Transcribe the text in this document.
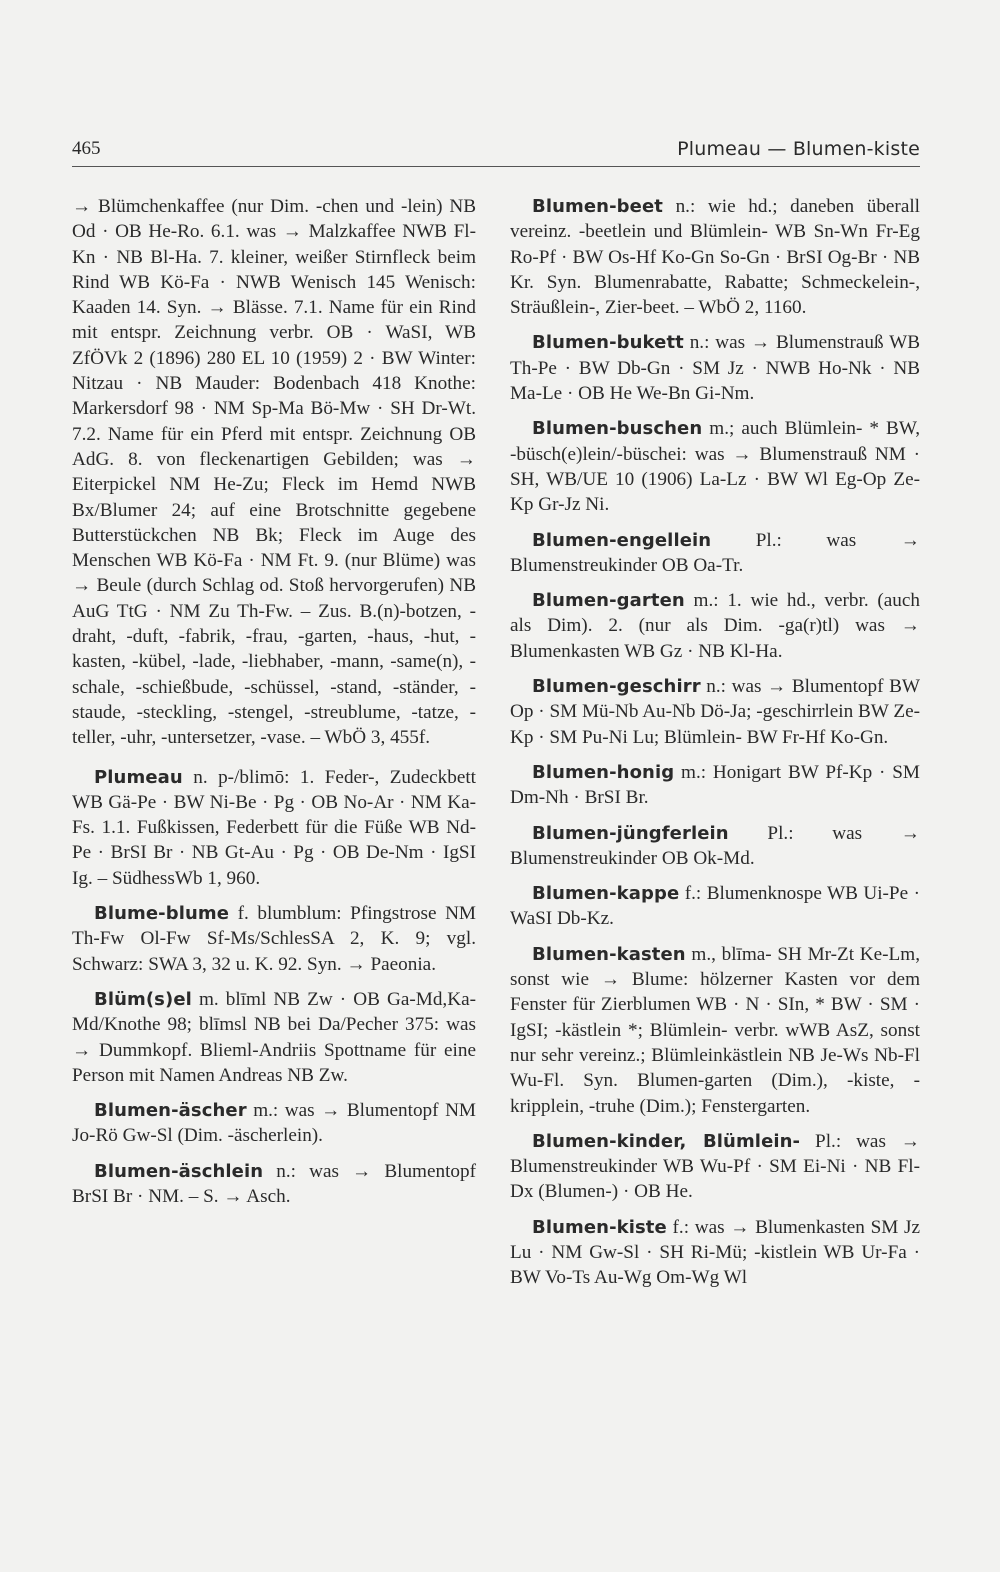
465	Plumeau — Blumen-kiste

→ Blümchenkaffee (nur Dim. -chen und -lein) NB Od · OB He-Ro. 6.1. was → Malzkaffee NWB Fl-Kn · NB Bl-Ha. 7. kleiner, weißer Stirnfleck beim Rind WB Kö-Fa · NWB Wenisch 145 Wenisch: Kaaden 14. Syn. → Blässe. 7.1. Name für ein Rind mit entspr. Zeichnung verbr. OB · WaSI, WB ZfÖVk 2 (1896) 280 EL 10 (1959) 2 · BW Winter: Nitzau · NB Mauder: Bodenbach 418 Knothe: Markersdorf 98 · NM Sp-Ma Bö-Mw · SH Dr-Wt. 7.2. Name für ein Pferd mit entspr. Zeichnung OB AdG. 8. von fleckenartigen Gebilden; was → Eiterpickel NM He-Zu; Fleck im Hemd NWB Bx/Blumer 24; auf eine Brotschnitte gegebene Butterstückchen NB Bk; Fleck im Auge des Menschen WB Kö-Fa · NM Ft. 9. (nur Blüme) was → Beule (durch Schlag od. Stoß hervorgerufen) NB AuG TtG · NM Zu Th-Fw. – Zus. B.(n)-botzen, -draht, -duft, -fabrik, -frau, -garten, -haus, -hut, -kasten, -kübel, -lade, -liebhaber, -mann, -same(n), -schale, -schießbude, -schüssel, -stand, -ständer, -staude, -steckling, -stengel, -streublume, -tatze, -teller, -uhr, -untersetzer, -vase. – WbÖ 3, 455f.

Plumeau n. p-/blimō: 1. Feder-, Zudeckbett WB Gä-Pe · BW Ni-Be · Pg · OB No-Ar · NM Ka-Fs. 1.1. Fußkissen, Federbett für die Füße WB Nd-Pe · BrSI Br · NB Gt-Au · Pg · OB De-Nm · IgSI Ig. – SüdhessWb 1, 960.

Blume-blume f. blumblum: Pfingstrose NM Th-Fw Ol-Fw Sf-Ms/SchlesSA 2, K. 9; vgl. Schwarz: SWA 3, 32 u. K. 92. Syn. → Paeonia.

Blüm(s)el m. blīml NB Zw · OB Ga-Md,Ka-Md/Knothe 98; blīmsl NB bei Da/Pecher 375: was → Dummkopf. Blieml-Andriis Spottname für eine Person mit Namen Andreas NB Zw.

Blumen-äscher m.: was → Blumentopf NM Jo-Rö Gw-Sl (Dim. -äscherlein).

Blumen-äschlein n.: was → Blumentopf BrSI Br · NM. – S. → Asch.

Blumen-beet n.: wie hd.; daneben überall vereinz. -beetlein und Blümlein- WB Sn-Wn Fr-Eg Ro-Pf · BW Os-Hf Ko-Gn So-Gn · BrSI Og-Br · NB Kr. Syn. Blumenrabatte, Rabatte; Schmeckelein-, Sträußlein-, Zier-beet. – WbÖ 2, 1160.

Blumen-bukett n.: was → Blumenstrauß WB Th-Pe · BW Db-Gn · SM Jz · NWB Ho-Nk · NB Ma-Le · OB He We-Bn Gi-Nm.

Blumen-buschen m.; auch Blümlein- * BW, -büsch(e)lein/-büschei: was → Blumenstrauß NM · SH, WB/UE 10 (1906) La-Lz · BW Wl Eg-Op Ze-Kp Gr-Jz Ni.

Blumen-engellein Pl.: was → Blumenstreukinder OB Oa-Tr.

Blumen-garten m.: 1. wie hd., verbr. (auch als Dim). 2. (nur als Dim. -ga(r)tl) was → Blumenkasten WB Gz · NB Kl-Ha.

Blumen-geschirr n.: was → Blumentopf BW Op · SM Mü-Nb Au-Nb Dö-Ja; -geschirrlein BW Ze-Kp · SM Pu-Ni Lu; Blümlein- BW Fr-Hf Ko-Gn.

Blumen-honig m.: Honigart BW Pf-Kp · SM Dm-Nh · BrSI Br.

Blumen-jüngferlein Pl.: was → Blumenstreukinder OB Ok-Md.

Blumen-kappe f.: Blumenknospe WB Ui-Pe · WaSI Db-Kz.

Blumen-kasten m., blīma- SH Mr-Zt Ke-Lm, sonst wie → Blume: hölzerner Kasten vor dem Fenster für Zierblumen WB · N · SIn, * BW · SM · IgSI; -kästlein *; Blümlein- verbr. wWB AsZ, sonst nur sehr vereinz.; Blümleinkästlein NB Je-Ws Nb-Fl Wu-Fl. Syn. Blumen-garten (Dim.), -kiste, -kripplein, -truhe (Dim.); Fenstergarten.

Blumen-kinder, Blümlein- Pl.: was → Blumenstreukinder WB Wu-Pf · SM Ei-Ni · NB Fl-Dx (Blumen-) · OB He.

Blumen-kiste f.: was → Blumenkasten SM Jz Lu · NM Gw-Sl · SH Ri-Mü; -kistlein WB Ur-Fa · BW Vo-Ts Au-Wg Om-Wg Wl
